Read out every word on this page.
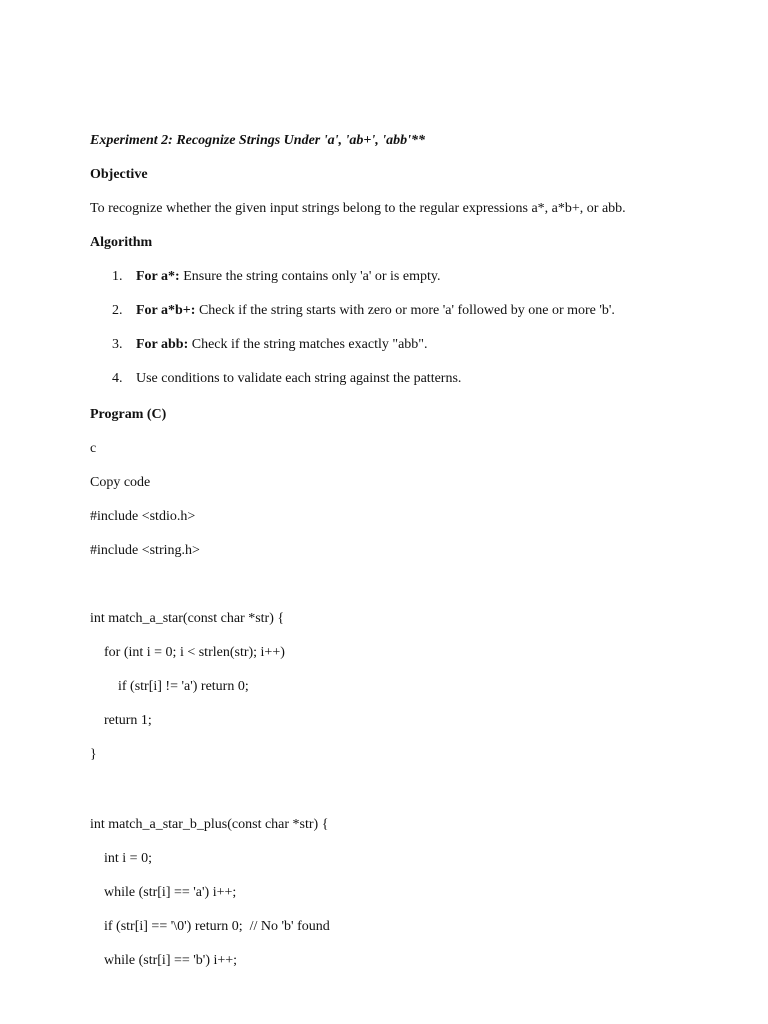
Experiment 2: Recognize Strings Under 'a', 'ab+', 'abb'**

Objective

To recognize whether the given input strings belong to the regular expressions a*, a*b+, or abb.

Algorithm

1. For a*: Ensure the string contains only 'a' or is empty.

2. For a*b+: Check if the string starts with zero or more 'a' followed by one or more 'b'.

3. For abb: Check if the string matches exactly "abb".

4. Use conditions to validate each string against the patterns.

Program (C)

c

Copy code

#include <stdio.h>

#include <string.h>

int match_a_star(const char *str) {

for (int i = 0; i < strlen(str); i++)

if (str[i] != 'a') return 0;

return 1;

}

int match_a_star_b_plus(const char *str) {

int i = 0;

while (str[i] == 'a') i++;

if (str[i] == '\0') return 0;  // No 'b' found

while (str[i] == 'b') i++;
